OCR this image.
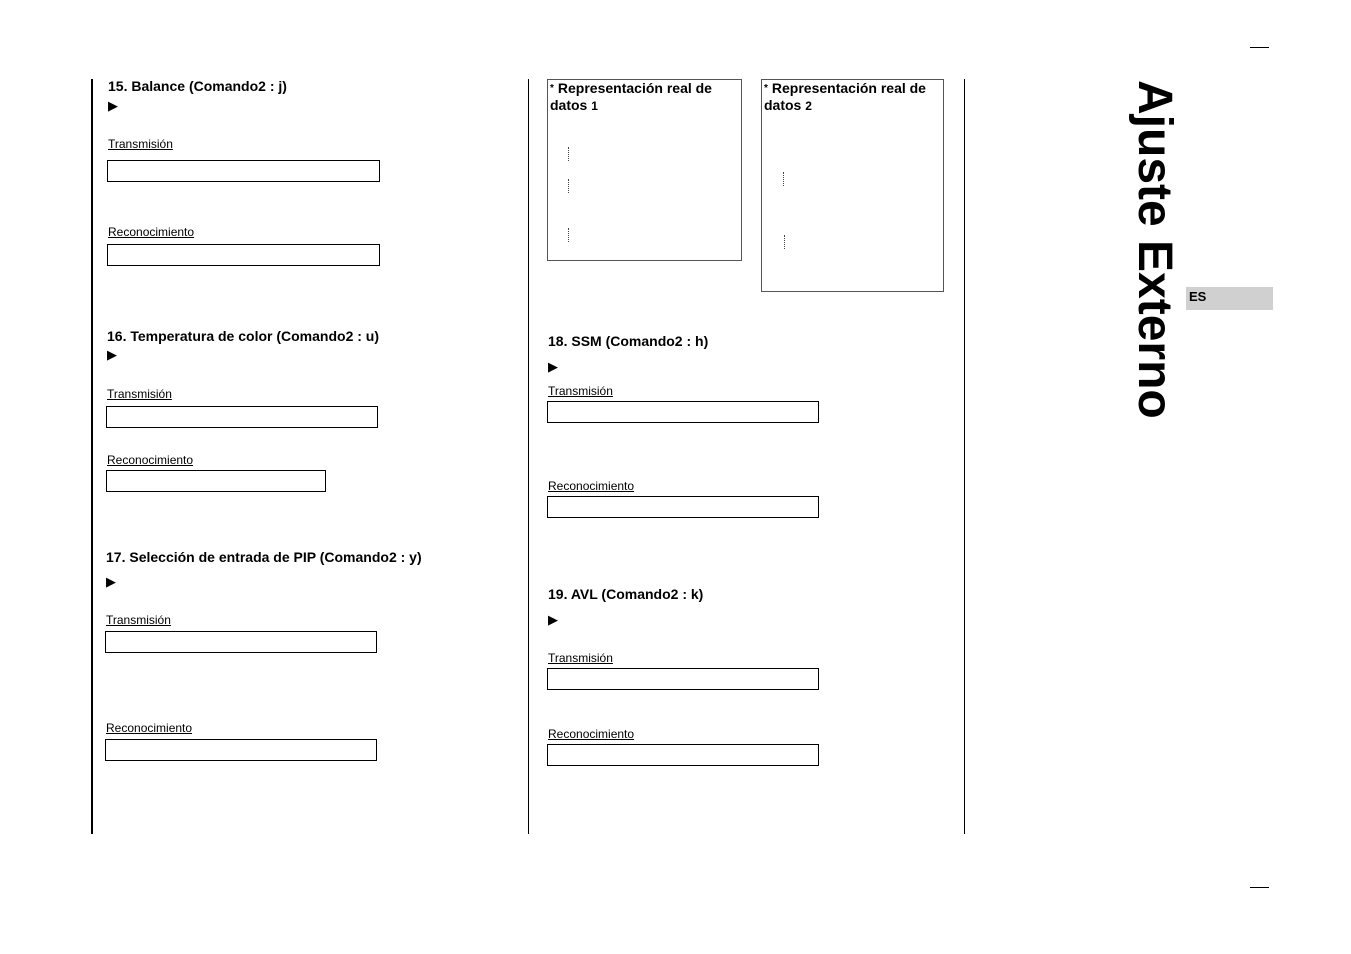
15. Balance (Comando2 : j)
▶
Transmisión
Reconocimiento
16. Temperatura de color (Comando2 : u)
▶
Transmisión
Reconocimiento
17. Selección de entrada de PIP (Comando2 : y)
▶
Transmisión
Reconocimiento
* Representación real de datos 1
* Representación real de datos 2
18. SSM (Comando2 : h)
▶
Transmisión
Reconocimiento
19. AVL (Comando2 : k)
▶
Transmisión
Reconocimiento
Ajuste Externo ES
